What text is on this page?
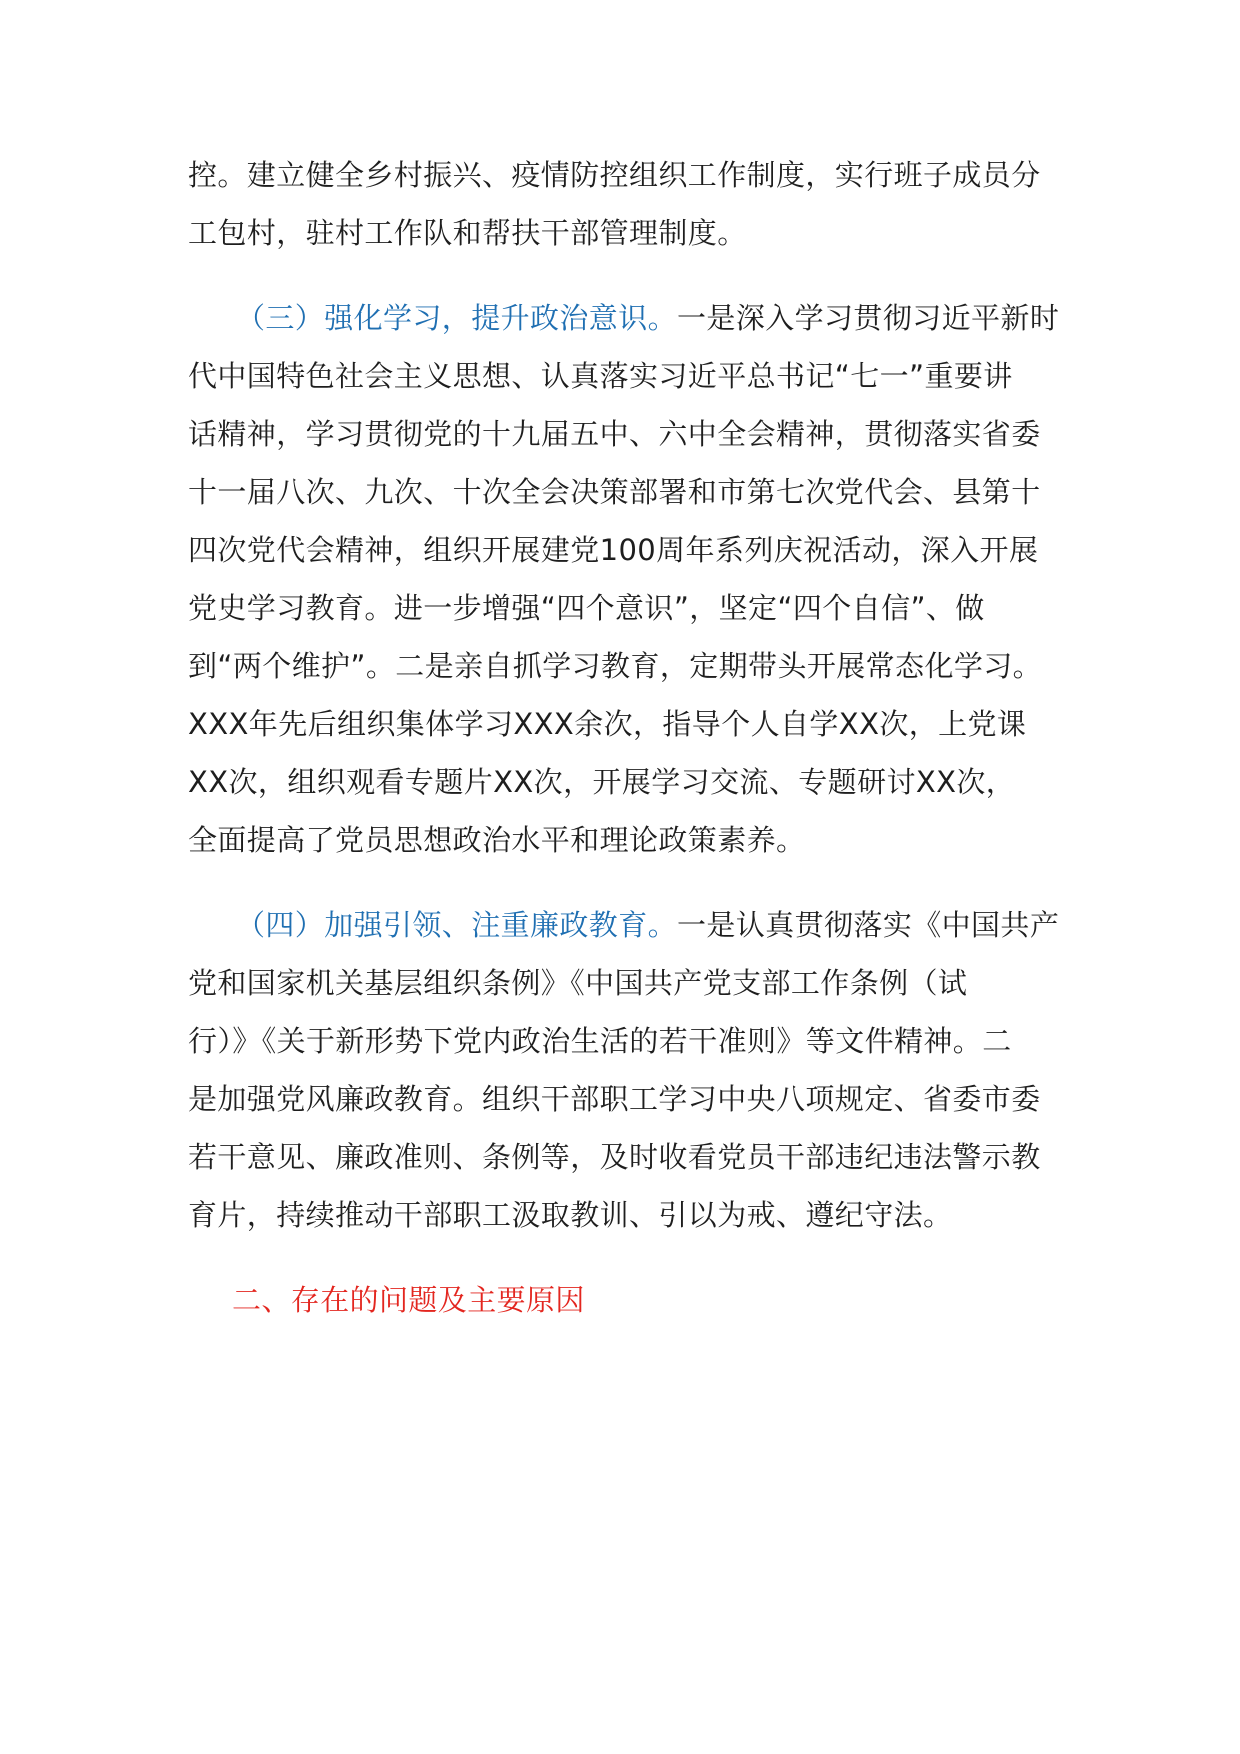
控。建立健全乡村振兴、疫情防控组织工作制度，实行班子成员分
工包村，驻村工作队和帮扶干部管理制度。
（三）强化学习，提升政治意识。一是深入学习贯彻习近平新时
代中国特色社会主义思想、认真落实习近平总书记“七一”重要讲
话精神，学习贯彻党的十九届五中、六中全会精神，贯彻落实省委
十一届八次、九次、十次全会决策部署和市第七次党代会、县第十
四次党代会精神，组织开展建党100周年系列庆祝活动，深入开展
党史学习教育。进一步增强“四个意识”，坚定“四个自信”、做
到“两个维护”。二是亲自抓学习教育，定期带头开展常态化学习。
XXX年先后组织集体学习XXX余次，指导个人自学XX次，上党课
XX次，组织观看专题片XX次，开展学习交流、专题研讨XX次，
全面提高了党员思想政治水平和理论政策素养。
（四）加强引领、注重廉政教育。一是认真贯彻落实《中国共产
党和国家机关基层组织条例》《中国共产党支部工作条例（试
行）》《关于新形势下党内政治生活的若干准则》等文件精神。二
是加强党风廉政教育。组织干部职工学习中央八项规定、省委市委
若干意见、廉政准则、条例等，及时收看党员干部违纪违法警示教
育片，持续推动干部职工汲取教训、引以为戒、遵纪守法。
二、存在的问题及主要原因
